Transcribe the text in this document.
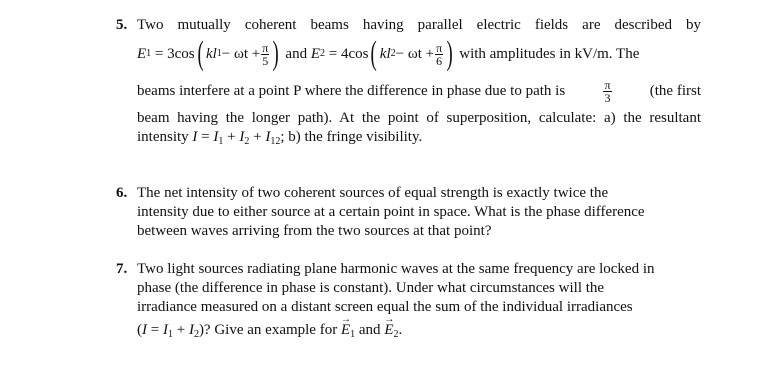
5. Two mutually coherent beams having parallel electric fields are described by
E 1
= 3cos ( kl $1 - \omega t + \frac{\pi}{5}$ )
and
E 2
= 4cos ( kl $2 - \omega t + \frac{\pi}{6}$ )
with amplitudes in kV/m. The
beams interfere at a point P where the difference in phase due to path is	$\frac{\pi}{3}$	(the first
beam having the longer path). At the point of superposition, calculate: a) the resultant
intensity $I = I_1 + I_2 + I_{12}$; b) the fringe visibility.
6. The net intensity of two coherent sources of equal strength is exactly twice the
intensity due to either source at a certain point in space. What is the phase difference
between waves arriving from the two sources at that point?
7. Two light sources radiating plane harmonic waves at the same frequency are locked in
phase (the difference in phase is constant). Under what circumstances will the
irradiance measured on a distant screen equal the sum of the individual irradiances
$(I = I_1 + I_2)$? Give an example for $E \to_1$ and $E \to_2$.
